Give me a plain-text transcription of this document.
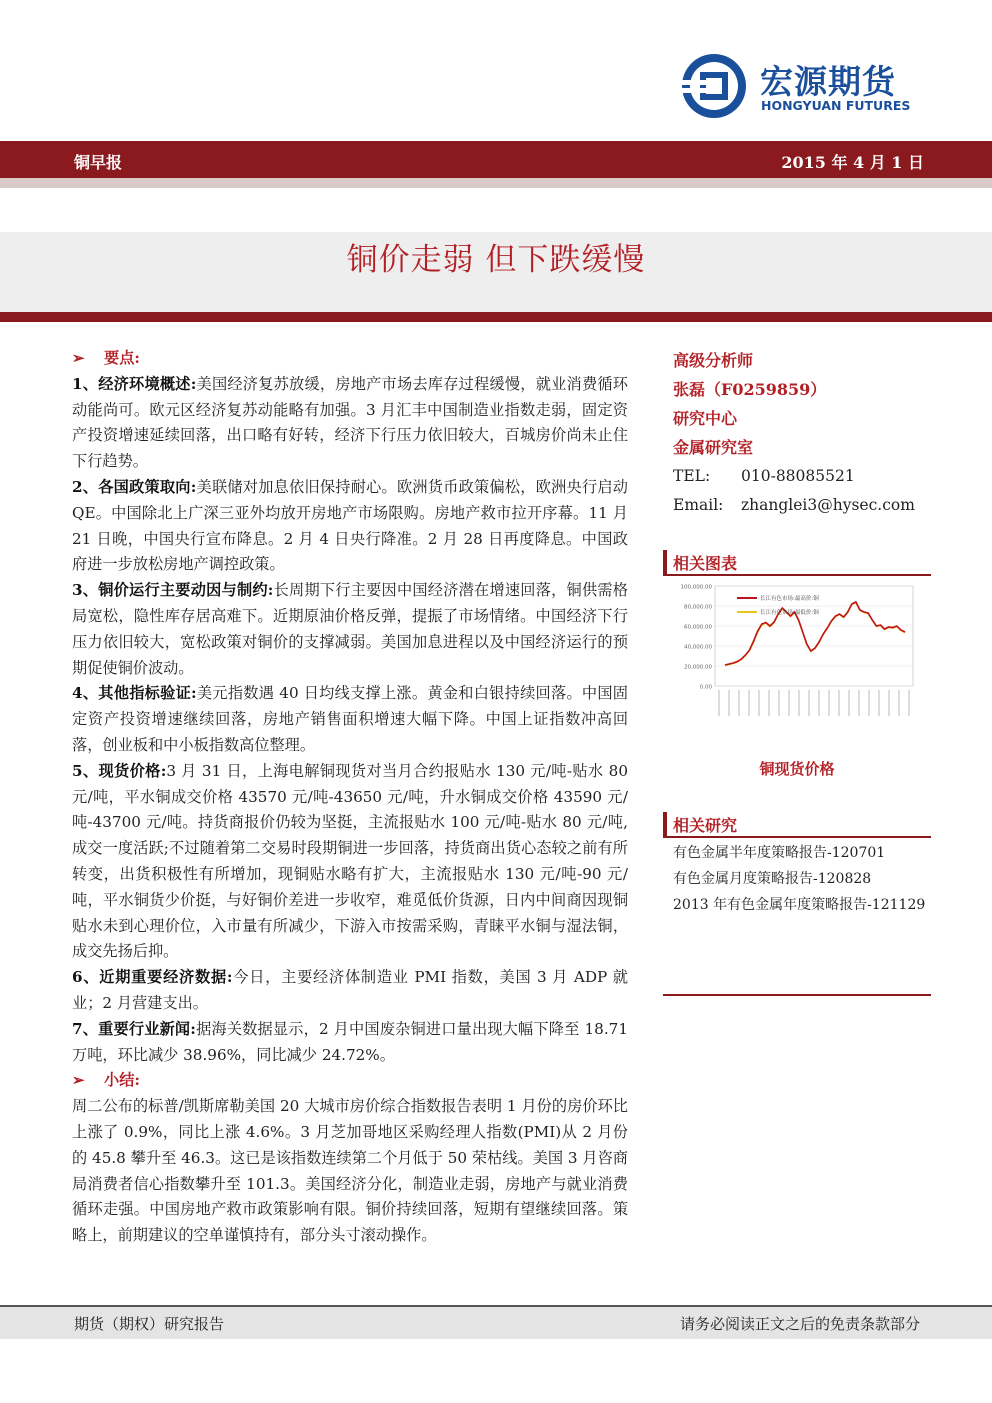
宏源期货
HONGYUAN FUTURES
铜早报	2015 年 4 月 1 日
铜价走弱 但下跌缓慢

➢ 要点:

1、经济环境概述:美国经济复苏放缓，房地产市场去库存过程缓慢，就业消费循环动能尚可。欧元区经济复苏动能略有加强。3 月汇丰中国制造业指数走弱，固定资产投资增速延续回落，出口略有好转，经济下行压力依旧较大，百城房价尚未止住下行趋势。

2、各国政策取向:美联储对加息依旧保持耐心。欧洲货币政策偏松，欧洲央行启动 QE。中国除北上广深三亚外均放开房地产市场限购。房地产救市拉开序幕。11 月 21 日晚，中国央行宣布降息。2 月 4 日央行降准。2 月 28 日再度降息。中国政府进一步放松房地产调控政策。

3、铜价运行主要动因与制约:长周期下行主要因中国经济潜在增速回落，铜供需格局宽松，隐性库存居高难下。近期原油价格反弹，提振了市场情绪。中国经济下行压力依旧较大，宽松政策对铜价的支撑减弱。美国加息进程以及中国经济运行的预期促使铜价波动。

4、其他指标验证:美元指数遇 40 日均线支撑上涨。黄金和白银持续回落。中国固定资产投资增速继续回落，房地产销售面积增速大幅下降。中国上证指数冲高回落，创业板和中小板指数高位整理。

5、现货价格:3 月 31 日，上海电解铜现货对当月合约报贴水 130 元/吨-贴水 80 元/吨，平水铜成交价格 43570 元/吨-43650 元/吨，升水铜成交价格 43590 元/吨-43700 元/吨。持货商报价仍较为坚挺，主流报贴水 100 元/吨-贴水 80 元/吨,成交一度活跃;不过随着第二交易时段期铜进一步回落，持货商出货心态较之前有所转变，出货积极性有所增加，现铜贴水略有扩大，主流报贴水 130 元/吨-90 元/吨，平水铜货少价挺，与好铜价差进一步收窄，难觅低价货源，日内中间商因现铜贴水未到心理价位，入市量有所减少，下游入市按需采购，青睐平水铜与湿法铜，成交先扬后抑。

6、近期重要经济数据:今日，主要经济体制造业 PMI 指数，美国 3 月 ADP 就业；2 月营建支出。

7、重要行业新闻:据海关数据显示，2 月中国废杂铜进口量出现大幅下降至 18.71 万吨，环比减少 38.96%，同比减少 24.72%。

➢ 小结:

周二公布的标普/凯斯席勒美国 20 大城市房价综合指数报告表明 1 月份的房价环比上涨了 0.9%，同比上涨 4.6%。3 月芝加哥地区采购经理人指数(PMI)从 2 月份的 45.8 攀升至 46.3。这已是该指数连续第二个月低于 50 荣枯线。美国 3 月咨商局消费者信心指数攀升至 101.3。美国经济分化，制造业走弱，房地产与就业消费循环走强。中国房地产救市政策影响有限。铜价持续回落，短期有望继续回落。策略上，前期建议的空单谨慎持有，部分头寸滚动操作。

高级分析师
张磊（F0259859）
研究中心
金属研究室
TEL: 010-88085521
Email: zhanglei3@hysec.com
相关图表
100,000.00
80,000.00
60,000.00
40,000.00
20,000.00
0.00
长江有色市场:最高价:铜
长江有色市场:最低价:铜
铜现货价格
相关研究
有色金属半年度策略报告-120701
有色金属月度策略报告-120828
2013 年有色金属年度策略报告-121129
期货（期权）研究报告	请务必阅读正文之后的免责条款部分
